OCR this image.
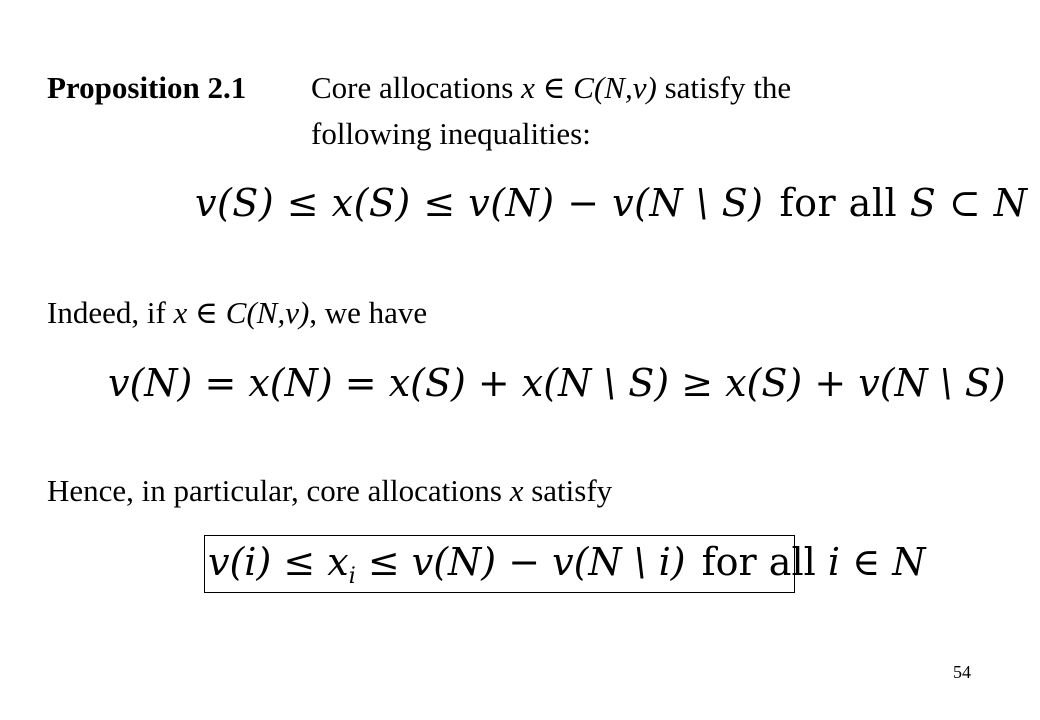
Proposition 2.1 Core allocations x ∈ C(N,v) satisfy the
following inequalities:
v(S) ≤ x(S) ≤ v(N) − v(N \ S) for all S ⊂ N
Indeed, if x ∈ C(N,v), we have
v(N) = x(N) = x(S) + x(N \ S) ≥ x(S) + v(N \ S)
Hence, in particular, core allocations x satisfy
$v(i) \le x_i \le v(N) - v(N$ \ i) for all i ∈ N
54
